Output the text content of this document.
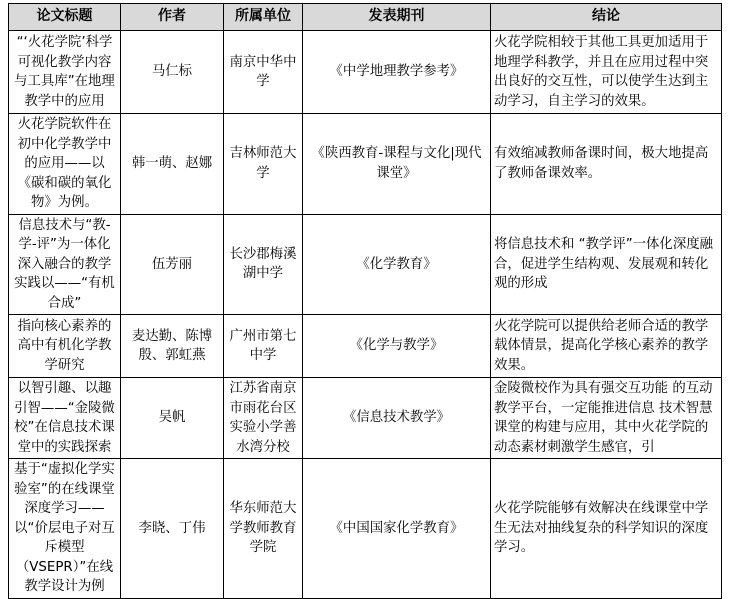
论文标题	作者	所属单位	发表期刊	结论
“‘火花学院’科学可视化教学内容与工具库”在地理教学中的应用	马仁标	南京中华中学	《中学地理教学参考》	火花学院相较于其他工具更加适用于地理学科教学，并且在应用过程中突出良好的交互性，可以使学生达到主动学习，自主学习的效果。
火花学院软件在初中化学教学中的应用——以《碳和碳的氧化物》为例。	韩一萌、赵娜	吉林师范大学	《陕西教育-课程与文化|现代课堂》	有效缩减教师备课时间，极大地提高了教师备课效率。
信息技术与“教-学-评”为一体化深入融合的教学实践以——“有机合成”	伍芳丽	长沙郡梅溪湖中学	《化学教育》	将信息技术和 “教学评”一体化深度融合，促进学生结构观、发展观和转化观的形成
指向核心素养的高中有机化学教学研究	麦达勤、陈博殷、郭虹燕	广州市第七中学	《化学与教学》	火花学院可以提供给老师合适的教学载体情景，提高化学核心素养的教学效果。
以智引趣、以趣引智——“金陵微校”在信息技术课堂中的实践探索	吴帆	江苏省南京市雨花台区实验小学善水湾分校	《信息技术教学》	金陵微校作为具有强交互功能 的互动教学平台，一定能推进信息 技术智慧课堂的构建与应用，其中火花学院的动态素材刺激学生感官，引

基于“虚拟化学实验室”的在线课堂深度学习——以“价层电子对互斥模型（VSEPR）”在线教学设计为例	李晓、丁伟	华东师范大学教师教育学院	《中国国家化学教育》	火花学院能够有效解决在线课堂中学生无法对抽线复杂的科学知识的深度学习。
